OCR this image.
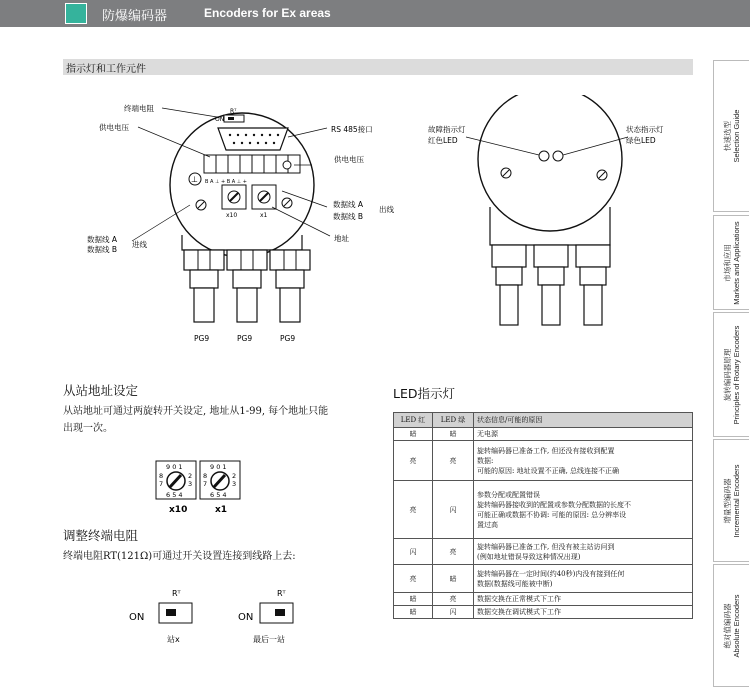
防爆编码器	Encoders for Ex areas
指示灯和工作元件
快速选型 Selection Guide
市场和应用 Markets and Applications
旋转编码器原理 Principles of Rotary Encoders
增量型编码器 Incremental Encoders
绝对值编码器 Absolute Encoders
ON
Rᵀ
B A ⊥ + B A ⊥ +
⊥
x10	x1
终端电阻
供电电压	RS 485接口
供电电压
数据线 A
数据线 B
出线
地址
数据线 A
数据线 B
进线
PG9	PG9	PG9
故障指示灯
红色LED
状态指示灯
绿色LED
从站地址设定
从站地址可通过两旋转开关设定, 地址从1-99, 每个地址只能
出现一次。
9 0 1
8	2
7	3
6 5 4
9 0 1
8	2
7	3
6 5 4
x10	x1
调整终端电阻
终端电阻RT(121Ω)可通过开关设置连接到线路上去:
Rᵀ
ON
站x
Rᵀ
ON
最后一站
LED指示灯
LED 红	LED 绿	状态信息/可能的原因
暗	暗	无电源
亮	亮	旋转编码器已准备工作, 但还没有接收到配置
数据:
可能的原因: 地址设置不正确, 总线连接不正确
亮	闪	参数分配或配置错误
旋转编码器接收到的配置或参数分配数据的长度不
可能正确或数据不协调: 可能的原因: 总分辨率设
置过高
闪	亮	旋转编码器已准备工作, 但没有被主站访问到
(例如地址错误导致这种情况出现)
亮	暗	旋转编码器在一定时间(约40秒)内没有接到任何
数据(数据线可能被中断)
暗	亮	数据交换在正常模式下工作
暗	闪	数据交换在调试模式下工作
